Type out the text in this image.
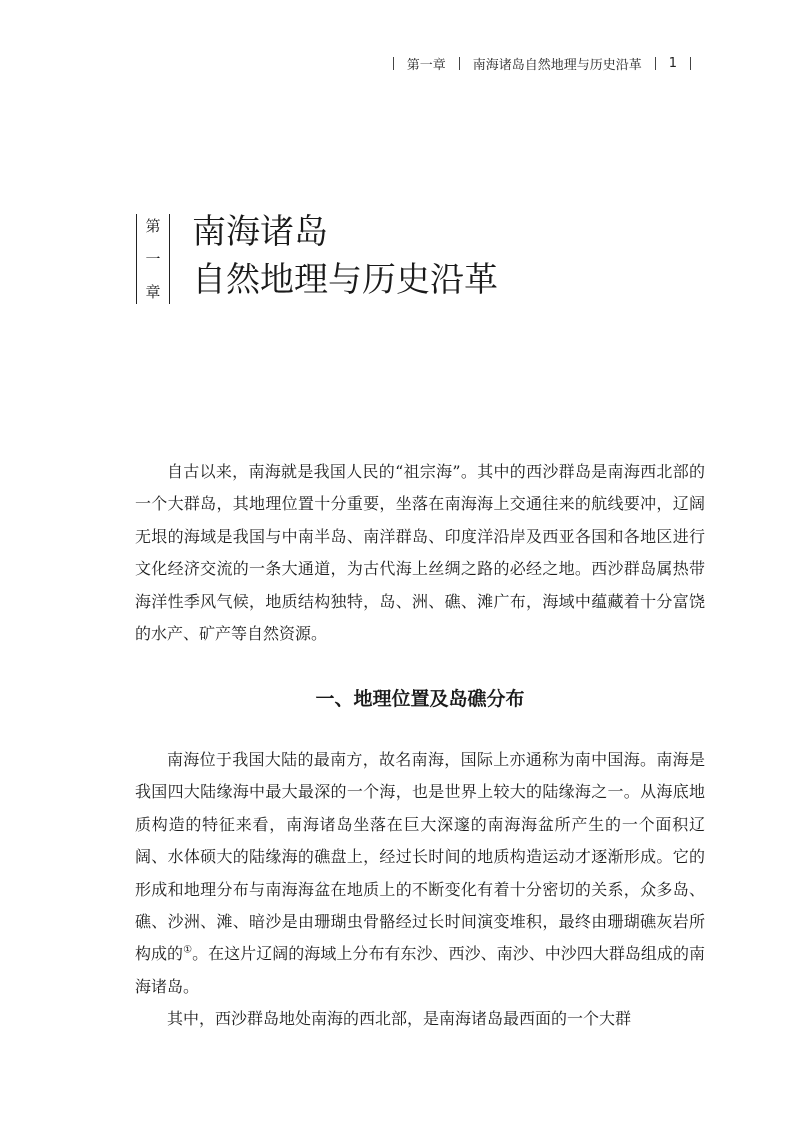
第一章 南海诸岛自然地理与历史沿革 1
第
一
章
南海诸岛
自然地理与历史沿革

自古以来，南海就是我国人民的“祖宗海”。其中的西沙群岛是南海西北部的一个大群岛，其地理位置十分重要，坐落在南海海上交通往来的航线要冲，辽阔无垠的海域是我国与中南半岛、南洋群岛、印度洋沿岸及西亚各国和各地区进行文化经济交流的一条大通道，为古代海上丝绸之路的必经之地。西沙群岛属热带海洋性季风气候，地质结构独特，岛、洲、礁、滩广布，海域中蕴藏着十分富饶的水产、矿产等自然资源。

一、地理位置及岛礁分布

南海位于我国大陆的最南方，故名南海，国际上亦通称为南中国海。南海是我国四大陆缘海中最大最深的一个海，也是世界上较大的陆缘海之一。从海底地质构造的特征来看，南海诸岛坐落在巨大深邃的南海海盆所产生的一个面积辽阔、水体硕大的陆缘海的礁盘上，经过长时间的地质构造运动才逐渐形成。它的形成和地理分布与南海海盆在地质上的不断变化有着十分密切的关系，众多岛、礁、沙洲、滩、暗沙是由珊瑚虫骨骼经过长时间演变堆积，最终由珊瑚礁灰岩所构成的①。在这片辽阔的海域上分布有东沙、西沙、南沙、中沙四大群岛组成的南海诸岛。

其中，西沙群岛地处南海的西北部，是南海诸岛最西面的一个大群
